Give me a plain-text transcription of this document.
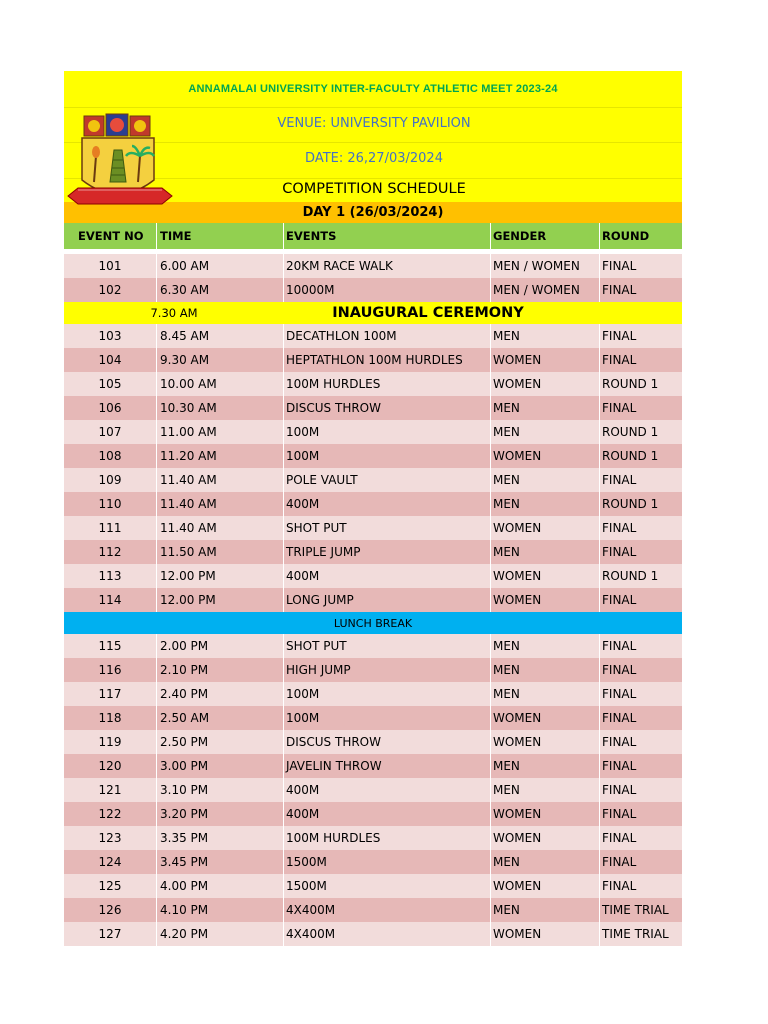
ANNAMALAI UNIVERSITY INTER-FACULTY ATHLETIC MEET 2023-24
VENUE: UNIVERSITY PAVILION
DATE: 26,27/03/2024
COMPETITION SCHEDULE
DAY 1 (26/03/2024)
EVENT NO	TIME	EVENTS	GENDER	ROUND
101	6.00 AM	20KM RACE WALK	MEN / WOMEN	FINAL
102	6.30 AM	10000M	MEN / WOMEN	FINAL
7.30 AM	INAUGURAL CEREMONY
103	8.45 AM	DECATHLON 100M	MEN	FINAL
104	9.30 AM	HEPTATHLON 100M HURDLES	WOMEN	FINAL
105	10.00 AM	100M HURDLES	WOMEN	ROUND 1
106	10.30 AM	DISCUS THROW	MEN	FINAL
107	11.00 AM	100M	MEN	ROUND 1
108	11.20 AM	100M	WOMEN	ROUND 1
109	11.40 AM	POLE VAULT	MEN	FINAL
110	11.40 AM	400M	MEN	ROUND 1
111	11.40 AM	SHOT PUT	WOMEN	FINAL
112	11.50 AM	TRIPLE JUMP	MEN	FINAL
113	12.00 PM	400M	WOMEN	ROUND 1
114	12.00 PM	LONG JUMP	WOMEN	FINAL
LUNCH BREAK
115	2.00 PM	SHOT PUT	MEN	FINAL
116	2.10 PM	HIGH JUMP	MEN	FINAL
117	2.40 PM	100M	MEN	FINAL
118	2.50 AM	100M	WOMEN	FINAL
119	2.50 PM	DISCUS THROW	WOMEN	FINAL
120	3.00 PM	JAVELIN THROW	MEN	FINAL
121	3.10 PM	400M	MEN	FINAL
122	3.20 PM	400M	WOMEN	FINAL
123	3.35 PM	100M HURDLES	WOMEN	FINAL
124	3.45 PM	1500M	MEN	FINAL
125	4.00 PM	1500M	WOMEN	FINAL
126	4.10 PM	4X400M	MEN	TIME TRIAL
127	4.20 PM	4X400M	WOMEN	TIME TRIAL
